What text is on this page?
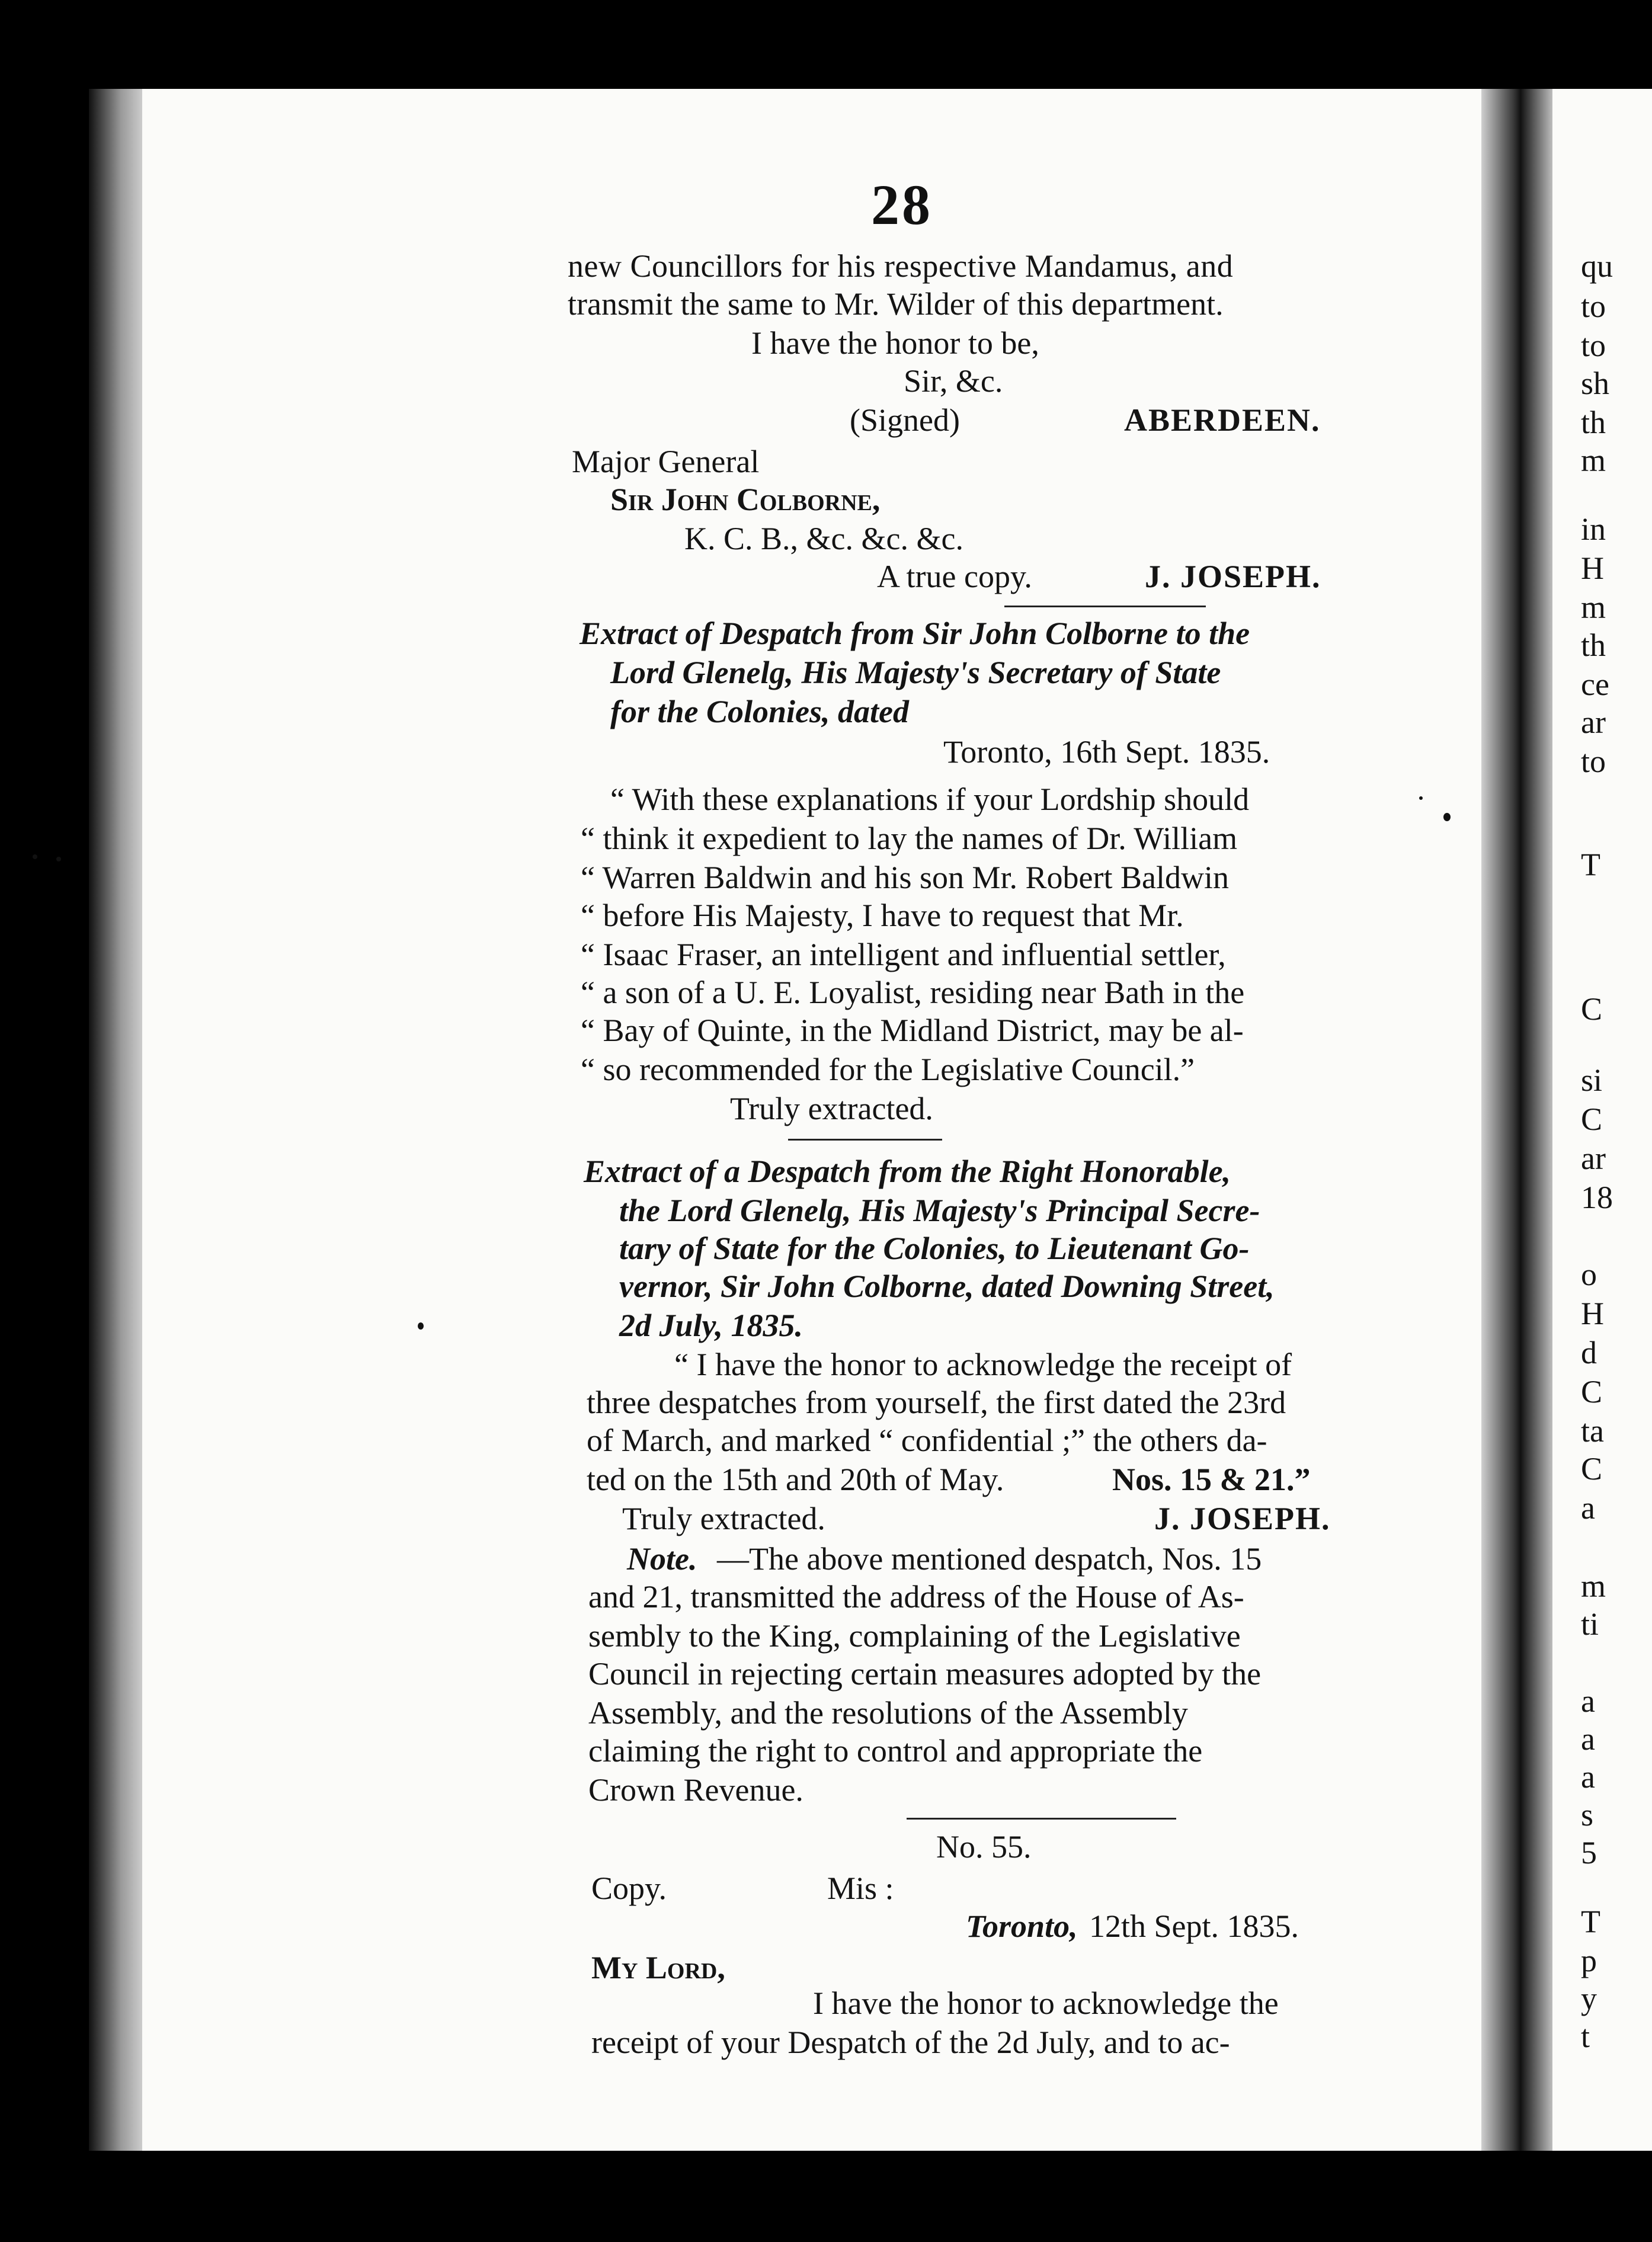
28
new Councillors for his respective Mandamus, and
transmit the same to Mr. Wilder of this department.
I have the honor to be,
Sir, &c.
(Signed)	ABERDEEN.
Major General
Sir John Colborne,
K. C. B., &c. &c. &c.
A true copy.	J. JOSEPH.
Extract of Despatch from Sir John Colborne to the
Lord Glenelg, His Majesty's Secretary of State
for the Colonies, dated
Toronto, 16th Sept. 1835.
“ With these explanations if your Lordship should
“ think it expedient to lay the names of Dr. William
“ Warren Baldwin and his son Mr. Robert Baldwin
“ before His Majesty, I have to request that Mr.
“ Isaac Fraser, an intelligent and influential settler,
“ a son of a U. E. Loyalist, residing near Bath in the
“ Bay of Quinte, in the Midland District, may be al-
“ so recommended for the Legislative Council.”
Truly extracted.
Extract of a Despatch from the Right Honorable,
the Lord Glenelg, His Majesty's Principal Secre-
tary of State for the Colonies, to Lieutenant Go-
vernor, Sir John Colborne, dated Downing Street,
2d July, 1835.
“ I have the honor to acknowledge the receipt of
three despatches from yourself, the first dated the 23rd
of March, and marked “ confidential ;” the others da-
ted on the 15th and 20th of May.	Nos. 15 & 21.”
Truly extracted.	J. JOSEPH.
Note. —The above mentioned despatch, Nos. 15
and 21, transmitted the address of the House of As-
sembly to the King, complaining of the Legislative
Council in rejecting certain measures adopted by the
Assembly, and the resolutions of the Assembly
claiming the right to control and appropriate the
Crown Revenue.
No. 55.
Copy.	Mis :
Toronto, 12th Sept. 1835.
My Lord,
I have the honor to acknowledge the
receipt of your Despatch of the 2d July, and to ac-
qu
to
to
sh
th
m
in
H
m
th
ce
ar
to
T
C
si
C
ar
18
o
H
d
C
ta
C
a
m
ti
a
a
a
s
5
T
p
y
t
